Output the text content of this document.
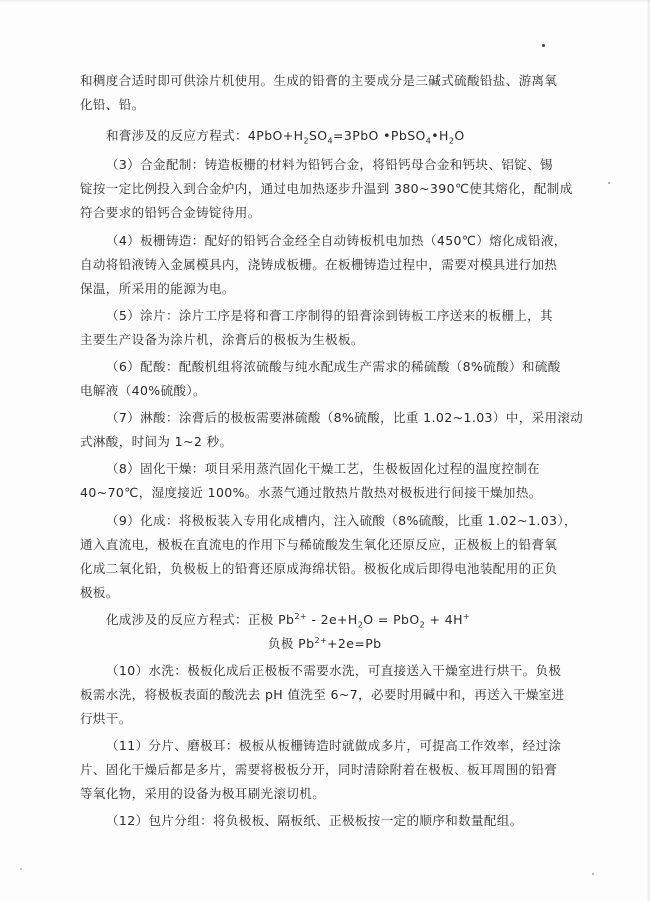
和稠度合适时即可供涂片机使用。生成的铅膏的主要成分是三碱式硫酸铅盐、游离氧
化铅、铅。
和膏涉及的反应方程式：$4PbO+H_2SO_4=3PbO$ $•PbSO_4•H_2O$
（3）合金配制：铸造板栅的材料为铅钙合金，将铅钙母合金和钙块、铝锭、锡
锭按一定比例投入到合金炉内，通过电加热逐步升温到 380~390℃使其熔化，配制成
符合要求的铅钙合金铸锭待用。
（4）板栅铸造：配好的铅钙合金经全自动铸板机电加热（450℃）熔化成铅液，
自动将铅液铸入金属模具内，浇铸成板栅。在板栅铸造过程中，需要对模具进行加热
保温，所采用的能源为电。
（5）涂片：涂片工序是将和膏工序制得的铅膏涂到铸板工序送来的板栅上，其
主要生产设备为涂片机，涂膏后的极板为生极板。
（6）配酸：配酸机组将浓硫酸与纯水配成生产需求的稀硫酸（8%硫酸）和硫酸
电解液（40%硫酸）。
（7）淋酸：涂膏后的极板需要淋硫酸（8%硫酸，比重 1.02~1.03）中，采用滚动
式淋酸，时间为 1~2 秒。
（8）固化干燥：项目采用蒸汽固化干燥工艺，生极板固化过程的温度控制在
40~70℃，湿度接近 100%。水蒸气通过散热片散热对极板进行间接干燥加热。
（9）化成：将极板装入专用化成槽内，注入硫酸（8%硫酸，比重 1.02~1.03），
通入直流电，极板在直流电的作用下与稀硫酸发生氧化还原反应，正极板上的铅膏氧
化成二氧化铅，负极板上的铅膏还原成海绵状铅。极板化成后即得电池装配用的正负
极板。
化成涉及的反应方程式：正极 $Pb^{2+} - 2e+H_2O = PbO_2 + 4H^+$
负极 $Pb^{2+}+2e=Pb$
（10）水洗：极板化成后正极板不需要水洗，可直接送入干燥室进行烘干。负极
板需水洗，将极板表面的酸洗去 pH 值洗至 6~7，必要时用碱中和，再送入干燥室进
行烘干。
（11）分片、磨极耳：极板从板栅铸造时就做成多片，可提高工作效率，经过涂
片、固化干燥后都是多片，需要将极板分开，同时清除附着在极板、板耳周围的铅膏
等氧化物，采用的设备为极耳刷光滚切机。
（12）包片分组：将负极板、隔板纸、正极板按一定的顺序和数量配组。
